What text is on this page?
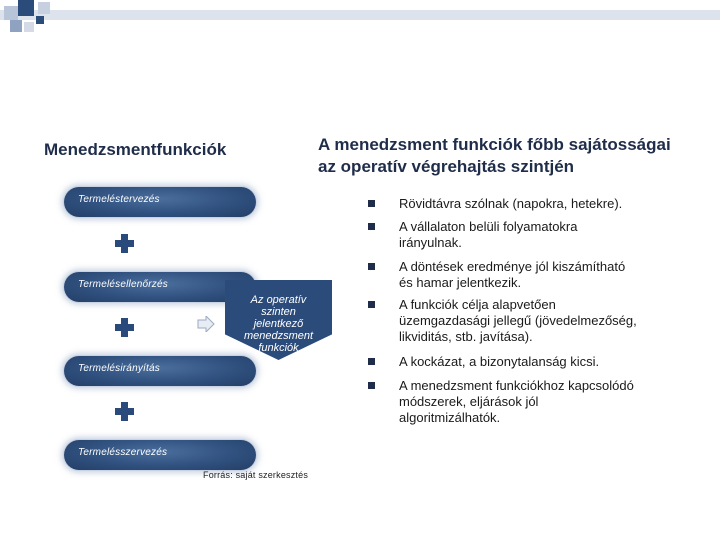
Menedzsmentfunkciók	A menedzsment funkciók főbb sajátosságai
az operatív végrehajtás szintjén
Termeléstervezés
Termelésellenőrzés
Termelésirányítás
Termelésszervezés
Az operatív
szinten
jelentkező
menedzsment
funkciók
Forrás: saját szerkesztés
Rövidtávra szólnak (napokra, hetekre).
A vállalaton belüli folyamatokra
irányulnak.
A döntések eredménye jól kiszámítható
és hamar jelentkezik.
A funkciók célja alapvetően
üzemgazdasági jellegű (jövedelmezőség,
likviditás, stb. javítása).
A kockázat, a bizonytalanság kicsi.
A menedzsment funkciókhoz kapcsolódó
módszerek, eljárások jól
algoritmizálhatók.
